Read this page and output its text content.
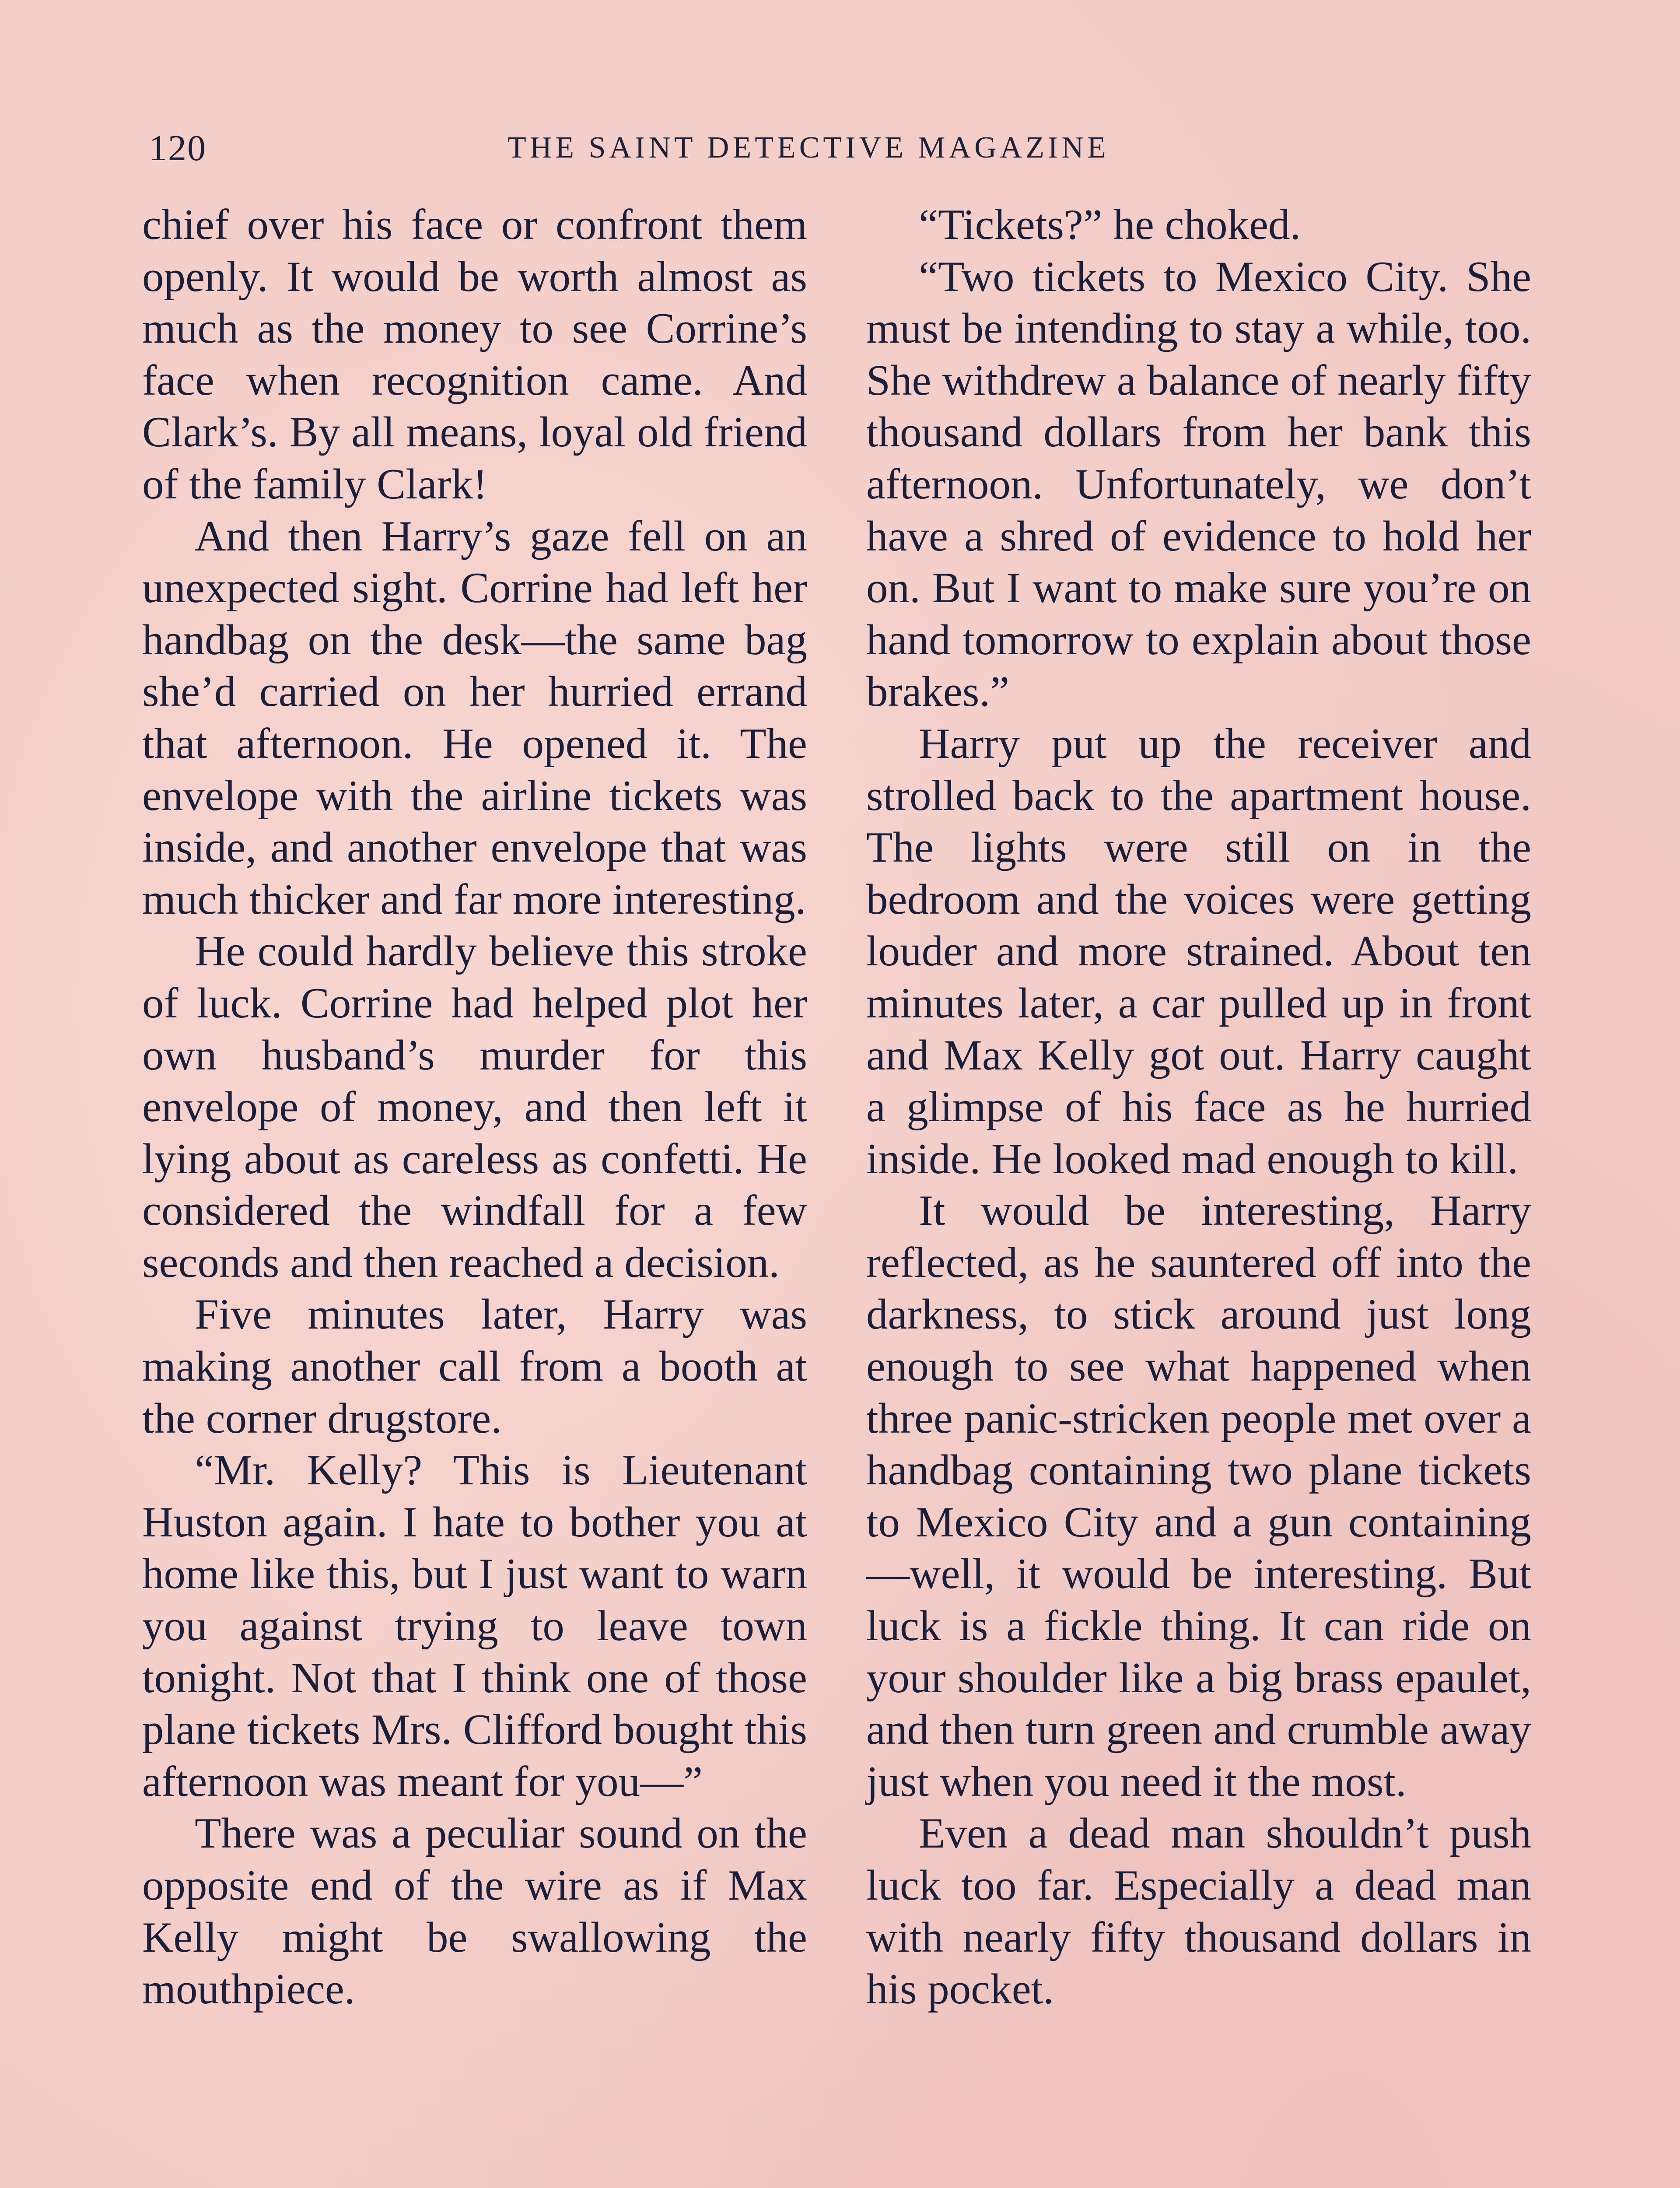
120	THE SAINT DETECTIVE MAGAZINE

chief over his face or confront them openly. It would be worth almost as much as the money to see Corrine’s face when recognition came. And Clark’s. By all means, loyal old friend of the family Clark!

And then Harry’s gaze fell on an unexpected sight. Corrine had left her handbag on the desk—the same bag she’d carried on her hurried errand that afternoon. He opened it. The envelope with the airline tickets was inside, and another envelope that was much thicker and far more interesting.

He could hardly believe this stroke of luck. Corrine had helped plot her own husband’s murder for this envelope of money, and then left it lying about as careless as confetti. He considered the windfall for a few seconds and then reached a decision.

Five minutes later, Harry was making another call from a booth at the corner drugstore.

“Mr. Kelly? This is Lieutenant Huston again. I hate to bother you at home like this, but I just want to warn you against trying to leave town tonight. Not that I think one of those plane tickets Mrs. Clifford bought this afternoon was meant for you—”

There was a peculiar sound on the opposite end of the wire as if Max Kelly might be swallowing the mouthpiece.

“Tickets?” he choked.

“Two tickets to Mexico City. She must be intending to stay a while, too. She withdrew a balance of nearly fifty thousand dollars from her bank this afternoon. Unfortunately, we don’t have a shred of evidence to hold her on. But I want to make sure you’re on hand tomorrow to explain about those brakes.”

Harry put up the receiver and strolled back to the apartment house. The lights were still on in the bedroom and the voices were getting louder and more strained. About ten minutes later, a car pulled up in front and Max Kelly got out. Harry caught a glimpse of his face as he hurried inside. He looked mad enough to kill.

It would be interesting, Harry reflected, as he sauntered off into the darkness, to stick around just long enough to see what happened when three panic-stricken people met over a handbag containing two plane tickets to Mexico City and a gun containing —well, it would be interesting. But luck is a fickle thing. It can ride on your shoulder like a big brass epaulet, and then turn green and crumble away just when you need it the most.

Even a dead man shouldn’t push luck too far. Especially a dead man with nearly fifty thousand dollars in his pocket.
